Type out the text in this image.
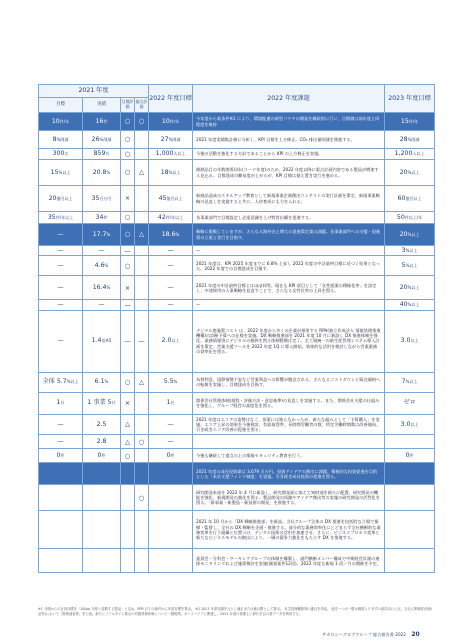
2021 年度				2022 年度目標	2022 年度課題	2023 年度目標
目標	実績	目標評価	総合評価			
10件/年	16件	○	○	10件/年	今年度から新条件※1 により、環境配慮の新型パウチの開発を継続的に行い、目標値は前年度と同程度を維持	15件/年
8%削減	26%削減	○		27%削減	2021 年度実績集計値に分析し、KPI 目標を上方修正。CO₂ 排出量削減を推進する。	28%削減
300名	859名	○		1,000人以上	今後の活動を強化する方針であることから KPI の上方修正を実施。	1,200人以上
15%以上	20.8%	○	△	18%以上	耐熱品目の年数関係切れ(コード年度)のため、2022 年度以降に重点計画内容である製品が増加する見込み。目標達成の難易度が上がるが、KPI 目標は据え置き実行を進める。	20%以上
20億円以上	35百万円	×		45億円以上	新商品造成のスキルアップ教育として新規事業企画創出コンテストの実行計画を策定。新規事業戦略の見直しを実施すると共に、人材育成にも力を入れる。	60億円以上
35件/年以上	34件	○		42件/年以上	各事業部門で目標設定し必達意識を上げ特許出願を促進する。	50件以上/年
—	17.7%	○	△	18.6%	戦略に挑戦していますが、さらなる海外売上増大の促進策定業の課題。各事業部門への支援・促進策の立案と実行を目指す。	20%以上
—	—	—		—	—	3%以上
—	4.6%	○		—	2021 年度は、KPI 2025 年度までに 6.8% 上昇し 2022 年度の中計最終目標に近づく結果となった。2022 年度での目標達成を目指す。	5%以上
—	16.4%	×		—	2021 年度の中計最終目標とはほぼ同等。現在も KPI 項目として「女性就業の積極化率」を設定し、中途採用の人事戦略を見直すことで、さらなる女性比率の上昇を図る。	20%以上
—	—	—		—	—	40%以上
—	1.4倍※5	—	—	2.0以上	デジタル庭施策コスト は、2022 年度から多くの企業が採用する RPA(独立作成法人 情報処理推進機構)の診断予算への仕様を実施。DX 戦略推進部を 2021 年度 10 月に新設し DX 推進体制を強化。業務情報別にデジタルの根幹を図る体制整備は完了。全工場統一の新生産管理システム導入計画を策定。営業支援ツールを 2022 年度 1Q に導入開始。効果的な活用を検討しながら営業業務の効率化を図る。	3.0以上
全体 5.7%以上	6.1%	○	△	5.5%	為替利息、国際情勢不安など営業利益への影響が懸念される。さらなるコストダウンと販売価格への転嫁を実施し、目標達成を目指す。	7%以上
1社	1 事業 5社	×		1社	関係会社管理体制(規程・評価方法・意思基準)の見直しを実施する。また、関係会社支援の仕組みを強化し、グループ経営の高度化を図る。	ゼロ
—	2.5	△		—	2021 年度はエコアの姿勢はなく、但案には進らなかったが、新たな組みとして「予算購入」を実施。エコア上昇の効果を今後検討。有給取得率、長時間労働者の数、所定労働時間数は改善傾向。引き続きエコア改善の促進を図る。	3.0以上
—	2.8	△	○	—		
0件	0件	○		0件	今後も継続して重点の上の情報セキュリティ教育を行う。	0件
					2021 年度の成長投資額は 3,079 百万円。投資アイデアの創出に課題。積極的な投資促進を目的とした「本社支援ファンド制度」を実施。引き続き成長投資の促進を図る。	
			○		研究開発本部を 2022 年 4 月に新設し、研究開発部に加えて知財部を新たに配置。研究開発の機能を強化、新規開発の強化を図る。製品開発の短縮やアイデア創出等の実施の研究開発の活性化を図る。「新事業・新製品・新技術の開発」を推進する。	
					2021 年 10 月から「DX 戦略推進部」を新設。当社グループ全体の DX 推進を包括的な立場で指揮・監督し、全社の DX 戦略を企画・推進する。部分的な業務効率化にとどまらず全社横断的な業務変革を行う組織と位置づけ、デジタル技術の活用を加速させ、さらに、ビジネスプロセス変革と新たなビジネスモデルの創出により、一層の競争力強化をもたらす DX を推進する。	
					委員会・分科会・ワーキンググループの体制を構築し、副門横断メンバー構成で中期経営計画の進捗モニタリングおよび施策検討を実施(調査案件12回)。2022 年度も新規 1 回／月の開催を予定。	
※1 今期からの社内目標を「100ps 対象と周期する製品」と定め、EPR 目下の新件から年度目標を算出。 ※2 2021 年度実績を元とし補正または後目標として算出。 本生管理種類別の番目を効化。 他を一つの一階は個数入りますの改訂用に公正。当社人事制度(有価証券)において「財務諸表等」を公表。新たにリアルタイム要点の有限業務体制について一類相関。ポーラーイアに関連し、2021 年度の管理上に移行を目の基データを利用する。
サカロシーグロブグループ 総合報告書 2022 20
